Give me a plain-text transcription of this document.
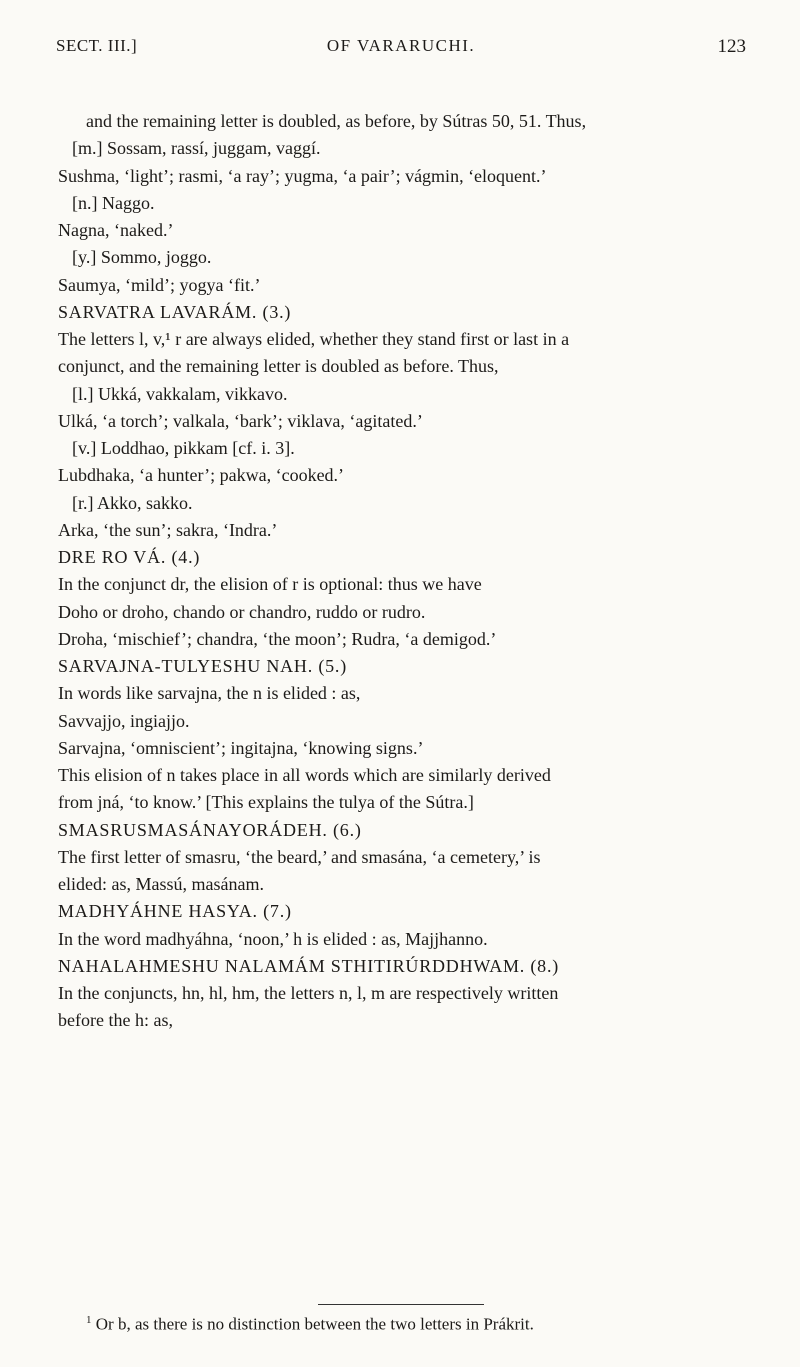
SECT. III.]	OF VARARUCHI.	123
and the remaining letter is doubled, as before, by Sútras 50, 51. Thus,
[m.] Sossam, rassí, juggam, vaggí.
Sushma, ‘light’; rasmi, ‘a ray’; yugma, ‘a pair’; vágmin, ‘eloquent.’
[n.] Naggo.
Nagna, ‘naked.’
[y.] Sommo, joggo.
Saumya, ‘mild’; yogya ‘fit.’
SARVATRA LAVARÁM. (3.)
The letters l, v,¹ r are always elided, whether they stand first or last in a
conjunct, and the remaining letter is doubled as before. Thus,
[l.] Ukká, vakkalam, vikkavo.
Ulká, ‘a torch’; valkala, ‘bark’; viklava, ‘agitated.’
[v.] Loddhao, pikkam [cf. i. 3].
Lubdhaka, ‘a hunter’; pakwa, ‘cooked.’
[r.] Akko, sakko.
Arka, ‘the sun’; sakra, ‘Indra.’
DRE RO VÁ. (4.)
In the conjunct dr, the elision of r is optional: thus we have
Doho or droho, chando or chandro, ruddo or rudro.
Droha, ‘mischief’; chandra, ‘the moon’; Rudra, ‘a demigod.’
SARVAJNA-TULYESHU NAH. (5.)
In words like sarvajna, the n is elided : as,
Savvajjo, ingiajjo.
Sarvajna, ‘omniscient’; ingitajna, ‘knowing signs.’
This elision of n takes place in all words which are similarly derived
from jná, ‘to know.’ [This explains the tulya of the Sútra.]
SMASRUSMASÁNAYORÁDEH. (6.)
The first letter of smasru, ‘the beard,’ and smasána, ‘a cemetery,’ is
elided: as, Massú, masánam.
MADHYÁHNE HASYA. (7.)
In the word madhyáhna, ‘noon,’ h is elided : as, Majjhanno.
NAHALAHMESHU NALAMÁM STHITIRÚRDDHWAM. (8.)
In the conjuncts, hn, hl, hm, the letters n, l, m are respectively written
before the h: as,
$^1$ Or b, as there is no distinction between the two letters in Prákrit.
